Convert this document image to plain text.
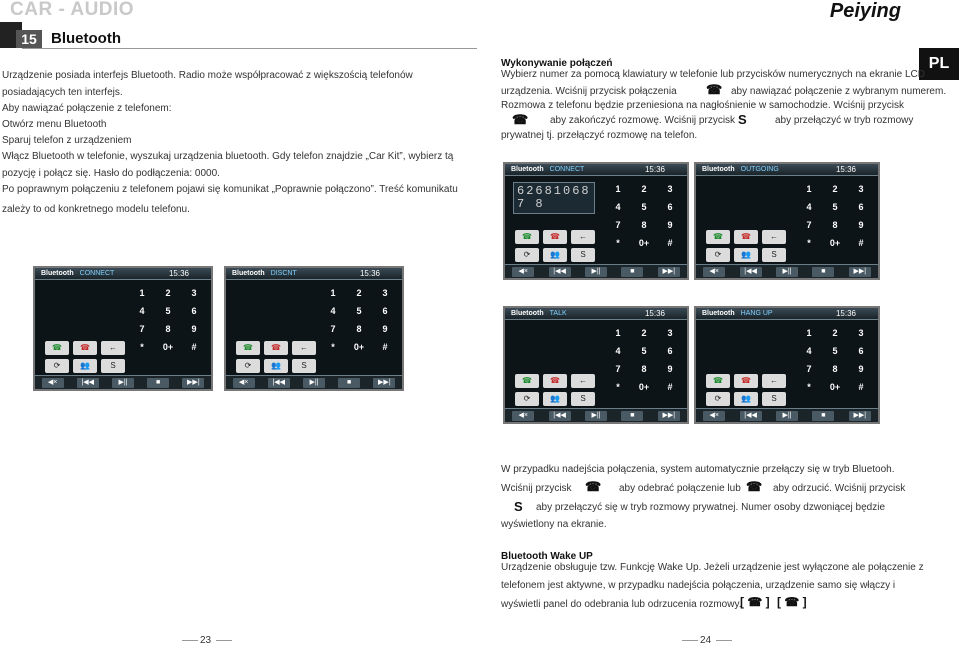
CAR - AUDIO	Peiying
15 Bluetooth
PL
Urządzenie posiada interfejs Bluetooth. Radio może współpracować z większością telefonów
posiadających ten interfejs.
Aby nawiązać połączenie z telefonem:
Otwórz menu Bluetooth
Sparuj telefon z urządzeniem
Włącz Bluetooth w telefonie, wyszukaj urządzenia bluetooth. Gdy telefon znajdzie „Car Kit”, wybierz tą
pozycję i połącz się. Hasło do podłączenia: 0000.
Po poprawnym połączeniu z telefonem pojawi się komunikat „Poprawnie połączono”. Treść komunikatu
zależy to od konkretnego modelu telefonu.
Wykonywanie połączeń
Wybierz numer za pomocą klawiatury w telefonie lub przycisków numerycznych na ekranie LCD
urządzenia. Wciśnij przycisk połączenia ☎ aby nawiązać połączenie z wybranym numerem.
Rozmowa z telefonu będzie przeniesiona na nagłośnienie w samochodzie. Wciśnij przycisk
☎ aby zakończyć rozmowę. Wciśnij przycisk S	aby przełączyć w tryb rozmowy
prywatnej tj. przełączyć rozmowę na telefon.
W przypadku nadejścia połączenia, system automatycznie przełączy się w tryb Bluetooh.
Wciśnij przycisk ☎ aby odebrać połączenie lub ☎ aby odrzucić. Wciśnij przycisk
S aby przełączyć się w tryb rozmowy prywatnej. Numer osoby dzwoniącej będzie
wyświetlony na ekranie.
Bluetooth Wake UP
Urządzenie obsługuje tzw. Funkcję Wake Up. Jeżeli urządzenie jest wyłączone ale połączenie z
telefonem jest aktywne, w przypadku nadejścia połączenia, urządzenie samo się włączy i
wyświetli panel do odebrania lub odrzucenia rozmowy.
[ ☎ ] [ ☎ ]
23	24
Bluetooth CONNECT	15:36
1	2	3
4	5	6
7	8	9
*	0+	#
☎	☎	←
⟳	👥	S
◀×	|◀◀	▶||	■	▶▶|
Bluetooth DISCNT	15:36
1	2	3
4	5	6
7	8	9
*	0+	#
☎	☎	←
⟳	👥	S
◀×	|◀◀	▶||	■	▶▶|
Bluetooth CONNECT	15:36
626810687 8
1	2	3
4	5	6
7	8	9
*	0+	#
☎	☎	←
⟳	👥	S
◀×	|◀◀	▶||	■	▶▶|
Bluetooth OUTGOING	15:36
1	2	3
4	5	6
7	8	9
*	0+	#
☎	☎	←
⟳	👥	S
◀×	|◀◀	▶||	■	▶▶|
Bluetooth TALK	15:36
1	2	3
4	5	6
7	8	9
*	0+	#
☎	☎	←
⟳	👥	S
◀×	|◀◀	▶||	■	▶▶|
Bluetooth HANG UP	15:36
1	2	3
4	5	6
7	8	9
*	0+	#
☎	☎	←
⟳	👥	S
◀×	|◀◀	▶||	■	▶▶|
